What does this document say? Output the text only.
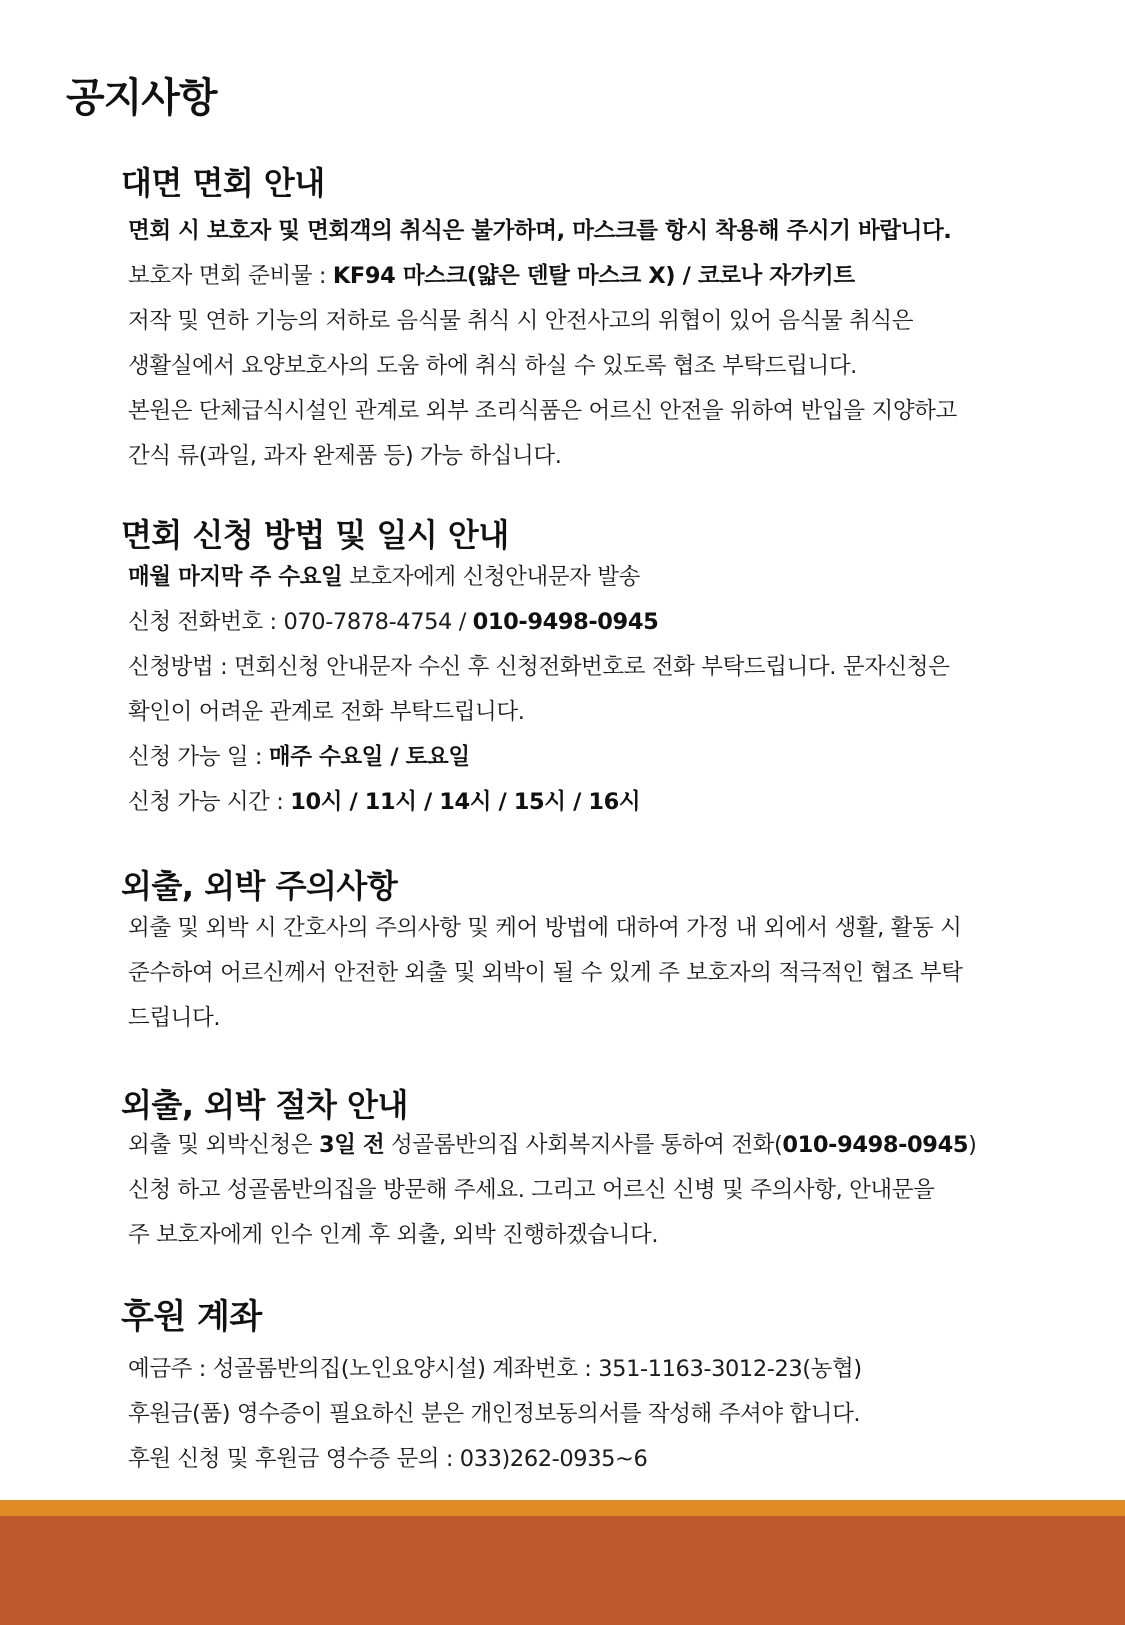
공지사항
대면 면회 안내

면회 시 보호자 및 면회객의 취식은 불가하며, 마스크를 항시 착용해 주시기 바랍니다.

보호자 면회 준비물 : KF94 마스크(얇은 덴탈 마스크 X) / 코로나 자가키트

저작 및 연하 기능의 저하로 음식물 취식 시 안전사고의 위협이 있어 음식물 취식은

생활실에서 요양보호사의 도움 하에 취식 하실 수 있도록 협조 부탁드립니다.

본원은 단체급식시설인 관계로 외부 조리식품은 어르신 안전을 위하여 반입을 지양하고

간식 류(과일, 과자 완제품 등) 가능 하십니다.

면회 신청 방법 및 일시 안내

매월 마지막 주 수요일 보호자에게 신청안내문자 발송

신청 전화번호 : 070-7878-4754 / 010-9498-0945

신청방법 : 면회신청 안내문자 수신 후 신청전화번호로 전화 부탁드립니다. 문자신청은

확인이 어려운 관계로 전화 부탁드립니다.

신청 가능 일 : 매주 수요일 / 토요일

신청 가능 시간 : 10시 / 11시 / 14시 / 15시 / 16시

외출, 외박 주의사항

외출 및 외박 시 간호사의 주의사항 및 케어 방법에 대하여 가정 내 외에서 생활, 활동 시

준수하여 어르신께서 안전한 외출 및 외박이 될 수 있게 주 보호자의 적극적인 협조 부탁

드립니다.

외출, 외박 절차 안내

외출 및 외박신청은 3일 전 성골롬반의집 사회복지사를 통하여 전화(010-9498-0945)

신청 하고 성골롬반의집을 방문해 주세요. 그리고 어르신 신병 및 주의사항, 안내문을

주 보호자에게 인수 인계 후 외출, 외박 진행하겠습니다.

후원 계좌

예금주 : 성골롬반의집(노인요양시설) 계좌번호 : 351-1163-3012-23(농협)

후원금(품) 영수증이 필요하신 분은 개인정보동의서를 작성해 주셔야 합니다.

후원 신청 및 후원금 영수증 문의 : 033)262-0935~6
